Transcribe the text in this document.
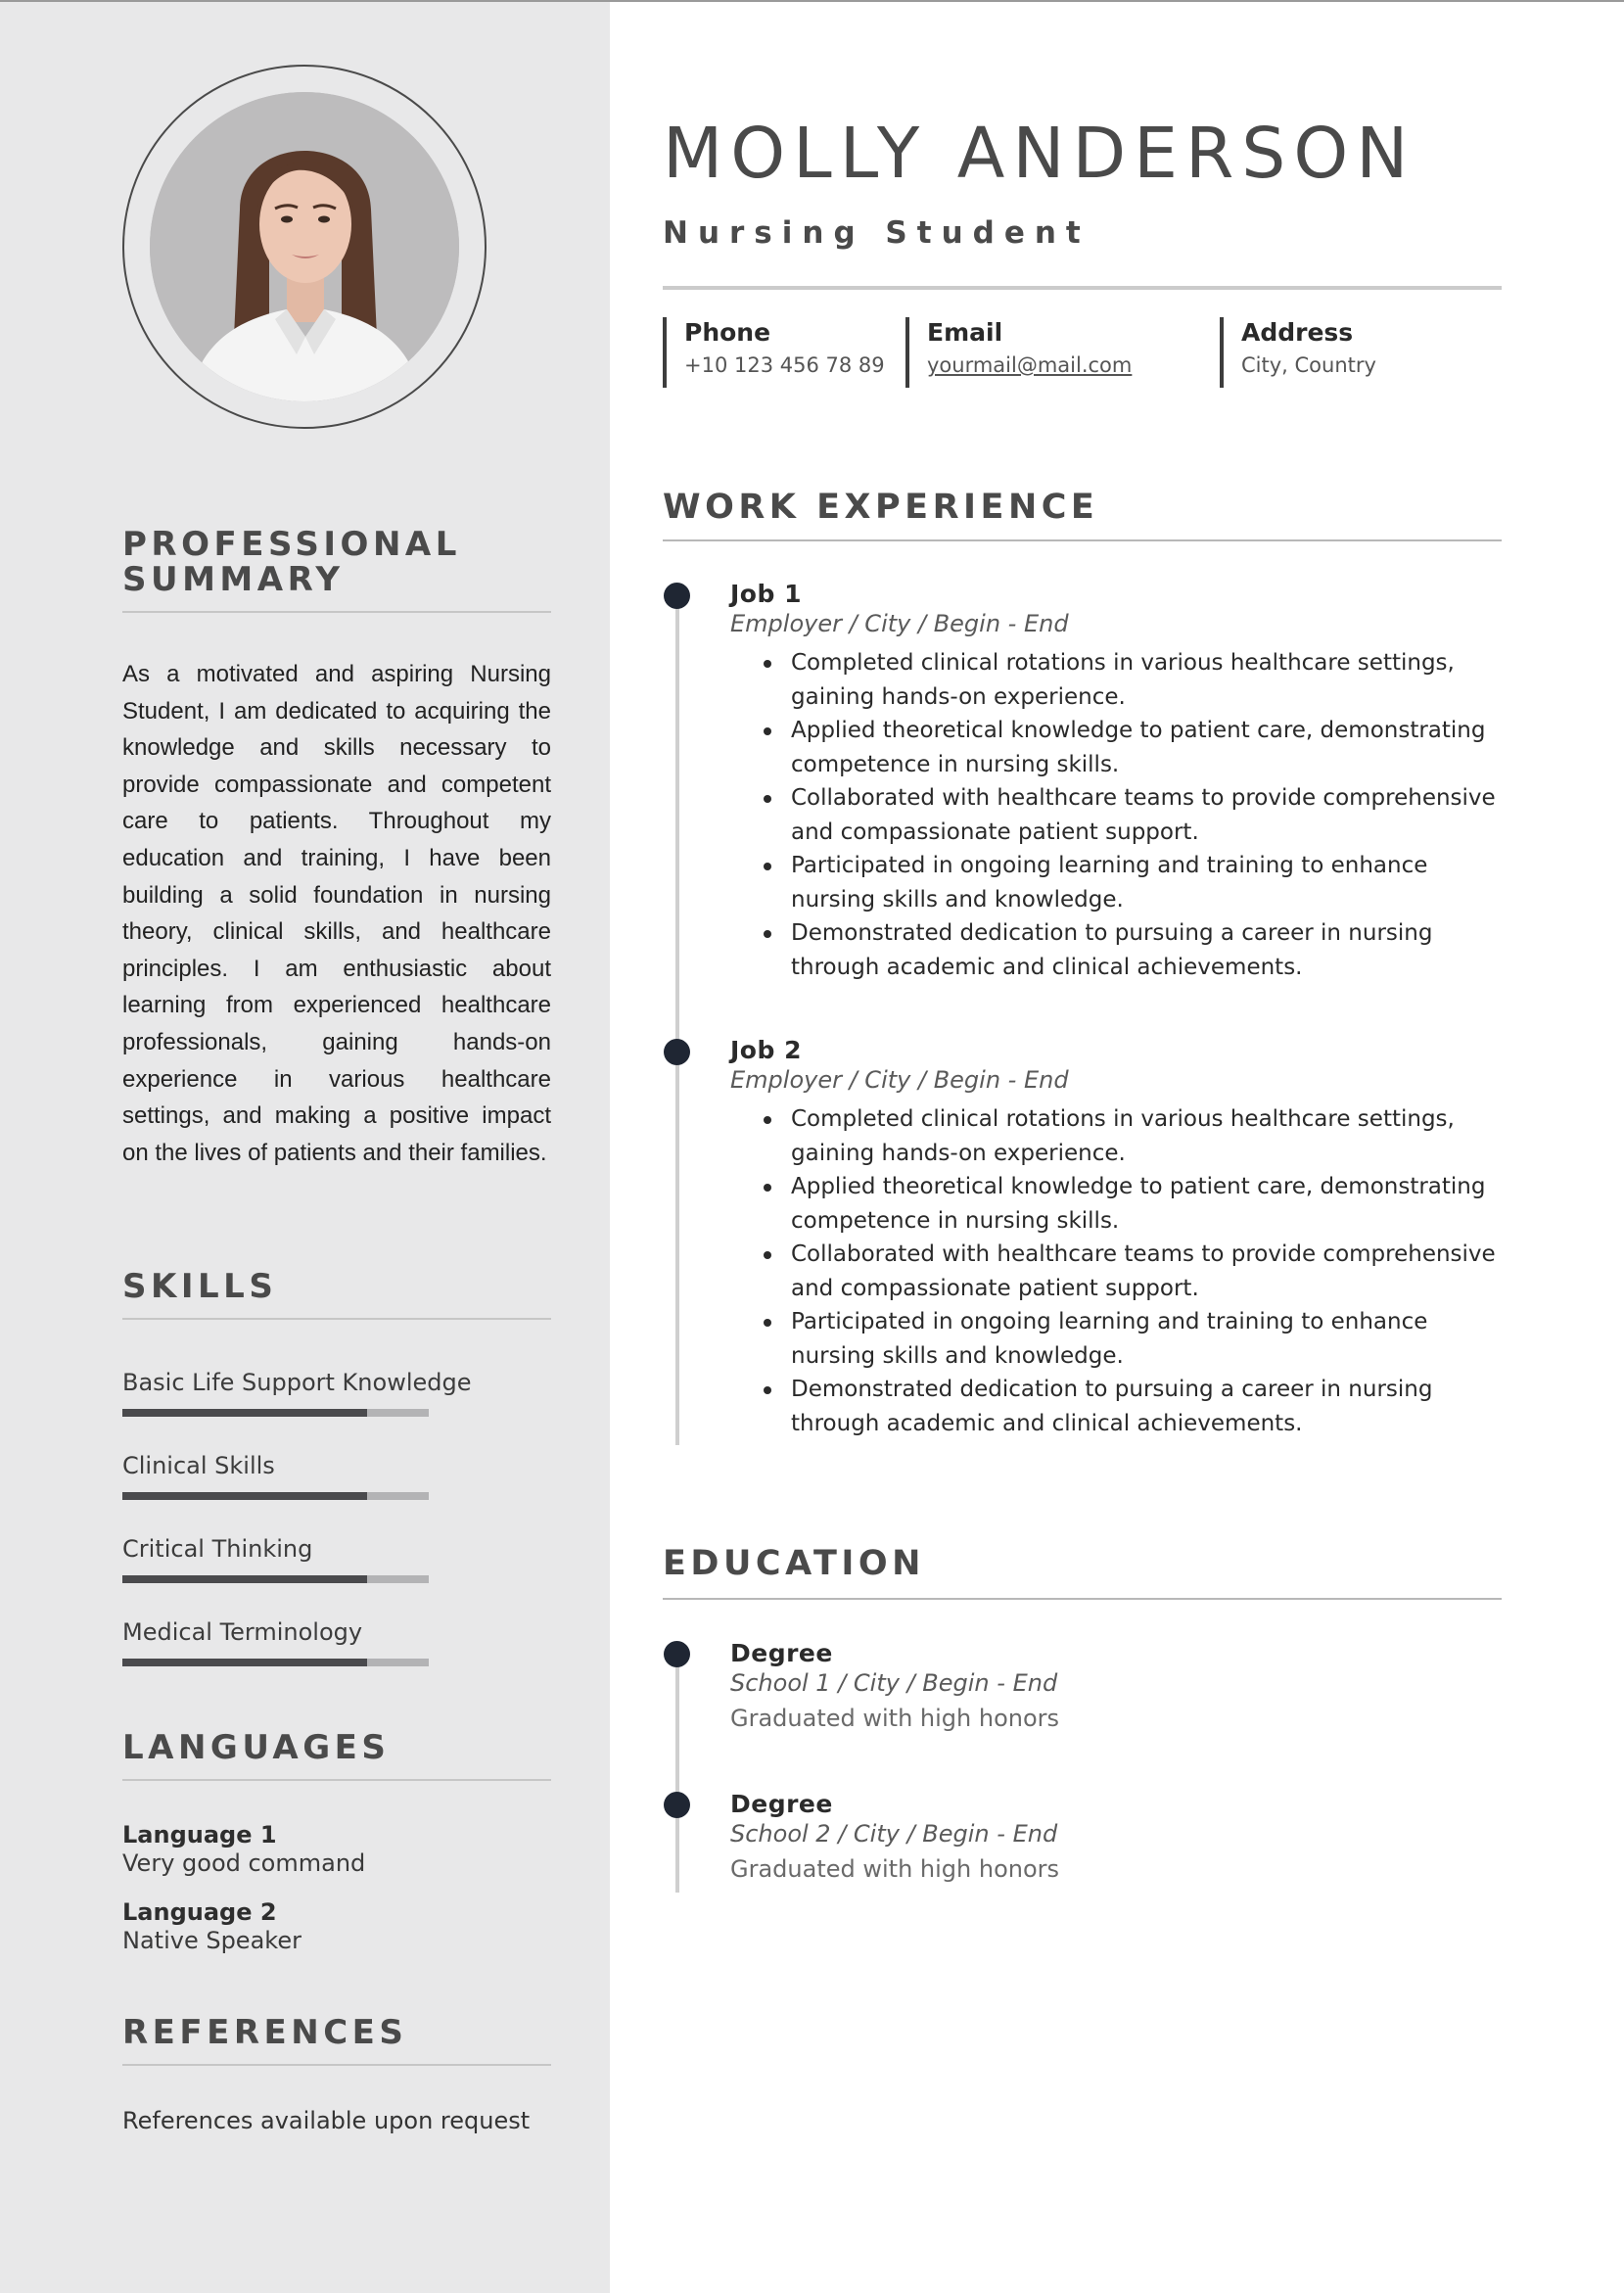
PROFESSIONAL
SUMMARY
As a motivated and aspiring Nursing Student, I am dedicated to acquiring the knowledge and skills necessary to provide compassionate and competent care to patients. Throughout my education and training, I have been building a solid foundation in nursing theory, clinical skills, and healthcare principles. I am enthusiastic about learning from experienced healthcare professionals, gaining hands-on experience in various healthcare settings, and making a positive impact on the lives of patients and their families.
SKILLS
Basic Life Support Knowledge
Clinical Skills
Critical Thinking
Medical Terminology
LANGUAGES
Language 1
Very good command
Language 2
Native Speaker
REFERENCES
References available upon request
MOLLY ANDERSON
Nursing Student
Phone
+10 123 456 78 89
Email
yourmail@mail.com
Address
City, Country
WORK EXPERIENCE
Job 1
Employer / City / Begin - End
Completed clinical rotations in various healthcare settings, gaining hands-on experience.
Applied theoretical knowledge to patient care, demonstrating competence in nursing skills.
Collaborated with healthcare teams to provide comprehensive and compassionate patient support.
Participated in ongoing learning and training to enhance nursing skills and knowledge.
Demonstrated dedication to pursuing a career in nursing through academic and clinical achievements.
Job 2
Employer / City / Begin - End
Completed clinical rotations in various healthcare settings, gaining hands-on experience.
Applied theoretical knowledge to patient care, demonstrating competence in nursing skills.
Collaborated with healthcare teams to provide comprehensive and compassionate patient support.
Participated in ongoing learning and training to enhance nursing skills and knowledge.
Demonstrated dedication to pursuing a career in nursing through academic and clinical achievements.
EDUCATION
Degree
School 1 / City / Begin - End
Graduated with high honors
Degree
School 2 / City / Begin - End
Graduated with high honors
